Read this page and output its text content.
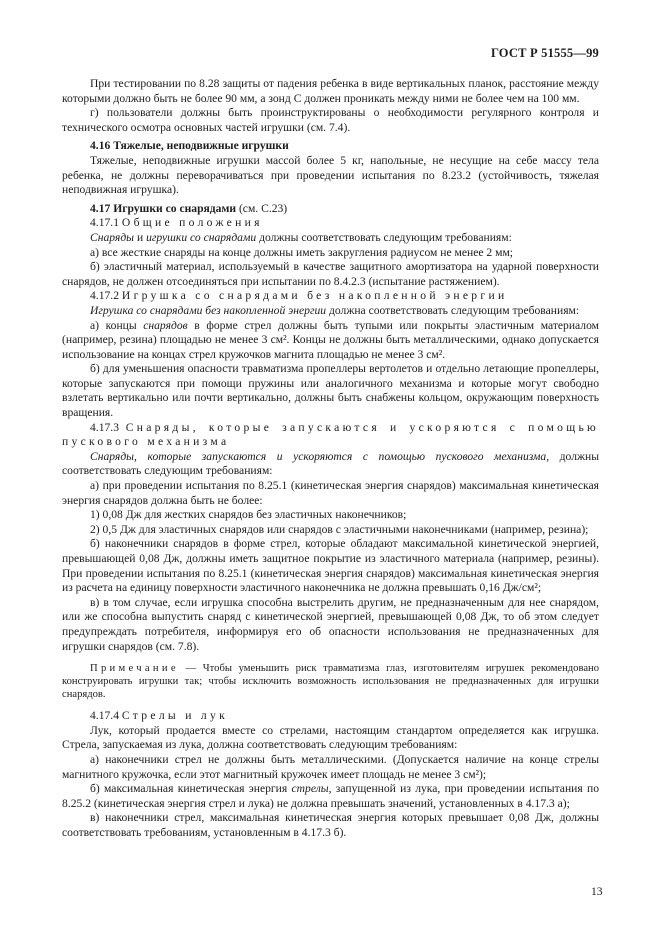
ГОСТ Р 51555—99

При тестировании по 8.28 защиты от падения ребенка в виде вертикальных планок, расстояние между которыми должно быть не более 90 мм, а зонд C должен проникать между ними не более чем на 100 мм.

г) пользователи должны быть проинструктированы о необходимости регулярного контроля и технического осмотра основных частей игрушки (см. 7.4).

4.16 Тяжелые, неподвижные игрушки

Тяжелые, неподвижные игрушки массой более 5 кг, напольные, не несущие на себе массу тела ребенка, не должны переворачиваться при проведении испытания по 8.23.2 (устойчивость, тяжелая неподвижная игрушка).

4.17 Игрушки со снарядами (см. С.23)

4.17.1 Общие положения

Снаряды и игрушки со снарядами должны соответствовать следующим требованиям:

а) все жесткие снаряды на конце должны иметь закругления радиусом не менее 2 мм;

б) эластичный материал, используемый в качестве защитного амортизатора на ударной поверхности снарядов, не должен отсоединяться при испытании по 8.4.2.3 (испытание растяжением).

4.17.2 Игрушка со снарядами без накопленной энергии

Игрушка со снарядами без накопленной энергии должна соответствовать следующим требованиям:

а) концы снарядов в форме стрел должны быть тупыми или покрыты эластичным материалом (например, резина) площадью не менее 3 см². Концы не должны быть металлическими, однако допускается использование на концах стрел кружочков магнита площадью не менее 3 см².

б) для уменьшения опасности травматизма пропеллеры вертолетов и отдельно летающие пропеллеры, которые запускаются при помощи пружины или аналогичного механизма и которые могут свободно взлетать вертикально или почти вертикально, должны быть снабжены кольцом, окружающим поверхность вращения.

4.17.3 Снаряды, которые запускаются и ускоряются с помощью пускового механизма

Снаряды, которые запускаются и ускоряются с помощью пускового механизма, должны соответствовать следующим требованиям:

а) при проведении испытания по 8.25.1 (кинетическая энергия снарядов) максимальная кинетическая энергия снарядов должна быть не более:

1) 0,08 Дж для жестких снарядов без эластичных наконечников;

2) 0,5 Дж для эластичных снарядов или снарядов с эластичными наконечниками (например, резина);

б) наконечники снарядов в форме стрел, которые обладают максимальной кинетической энергией, превышающей 0,08 Дж, должны иметь защитное покрытие из эластичного материала (например, резины). При проведении испытания по 8.25.1 (кинетическая энергия снарядов) максимальная кинетическая энергия из расчета на единицу поверхности эластичного наконечника не должна превышать 0,16 Дж/см²;

в) в том случае, если игрушка способна выстрелить другим, не предназначенным для нее снарядом, или же способна выпустить снаряд с кинетической энергией, превышающей 0,08 Дж, то об этом следует предупреждать потребителя, информируя его об опасности использования не предназначенных для игрушки снарядов (см. 7.8).

Примечание — Чтобы уменьшить риск травматизма глаз, изготовителям игрушек рекомендовано конструировать игрушки так; чтобы исключить возможность использования не предназначенных для игрушки снарядов.

4.17.4 Стрелы и лук

Лук, который продается вместе со стрелами, настоящим стандартом определяется как игрушка. Стрела, запускаемая из лука, должна соответствовать следующим требованиям:

а) наконечники стрел не должны быть металлическими. (Допускается наличие на конце стрелы магнитного кружочка, если этот магнитный кружочек имеет площадь не менее 3 см²);

б) максимальная кинетическая энергия стрелы, запущенной из лука, при проведении испытания по 8.25.2 (кинетическая энергия стрел и лука) не должна превышать значений, установленных в 4.17.3 а);

в) наконечники стрел, максимальная кинетическая энергия которых превышает 0,08 Дж, должны соответствовать требованиям, установленным в 4.17.3 б).

13
